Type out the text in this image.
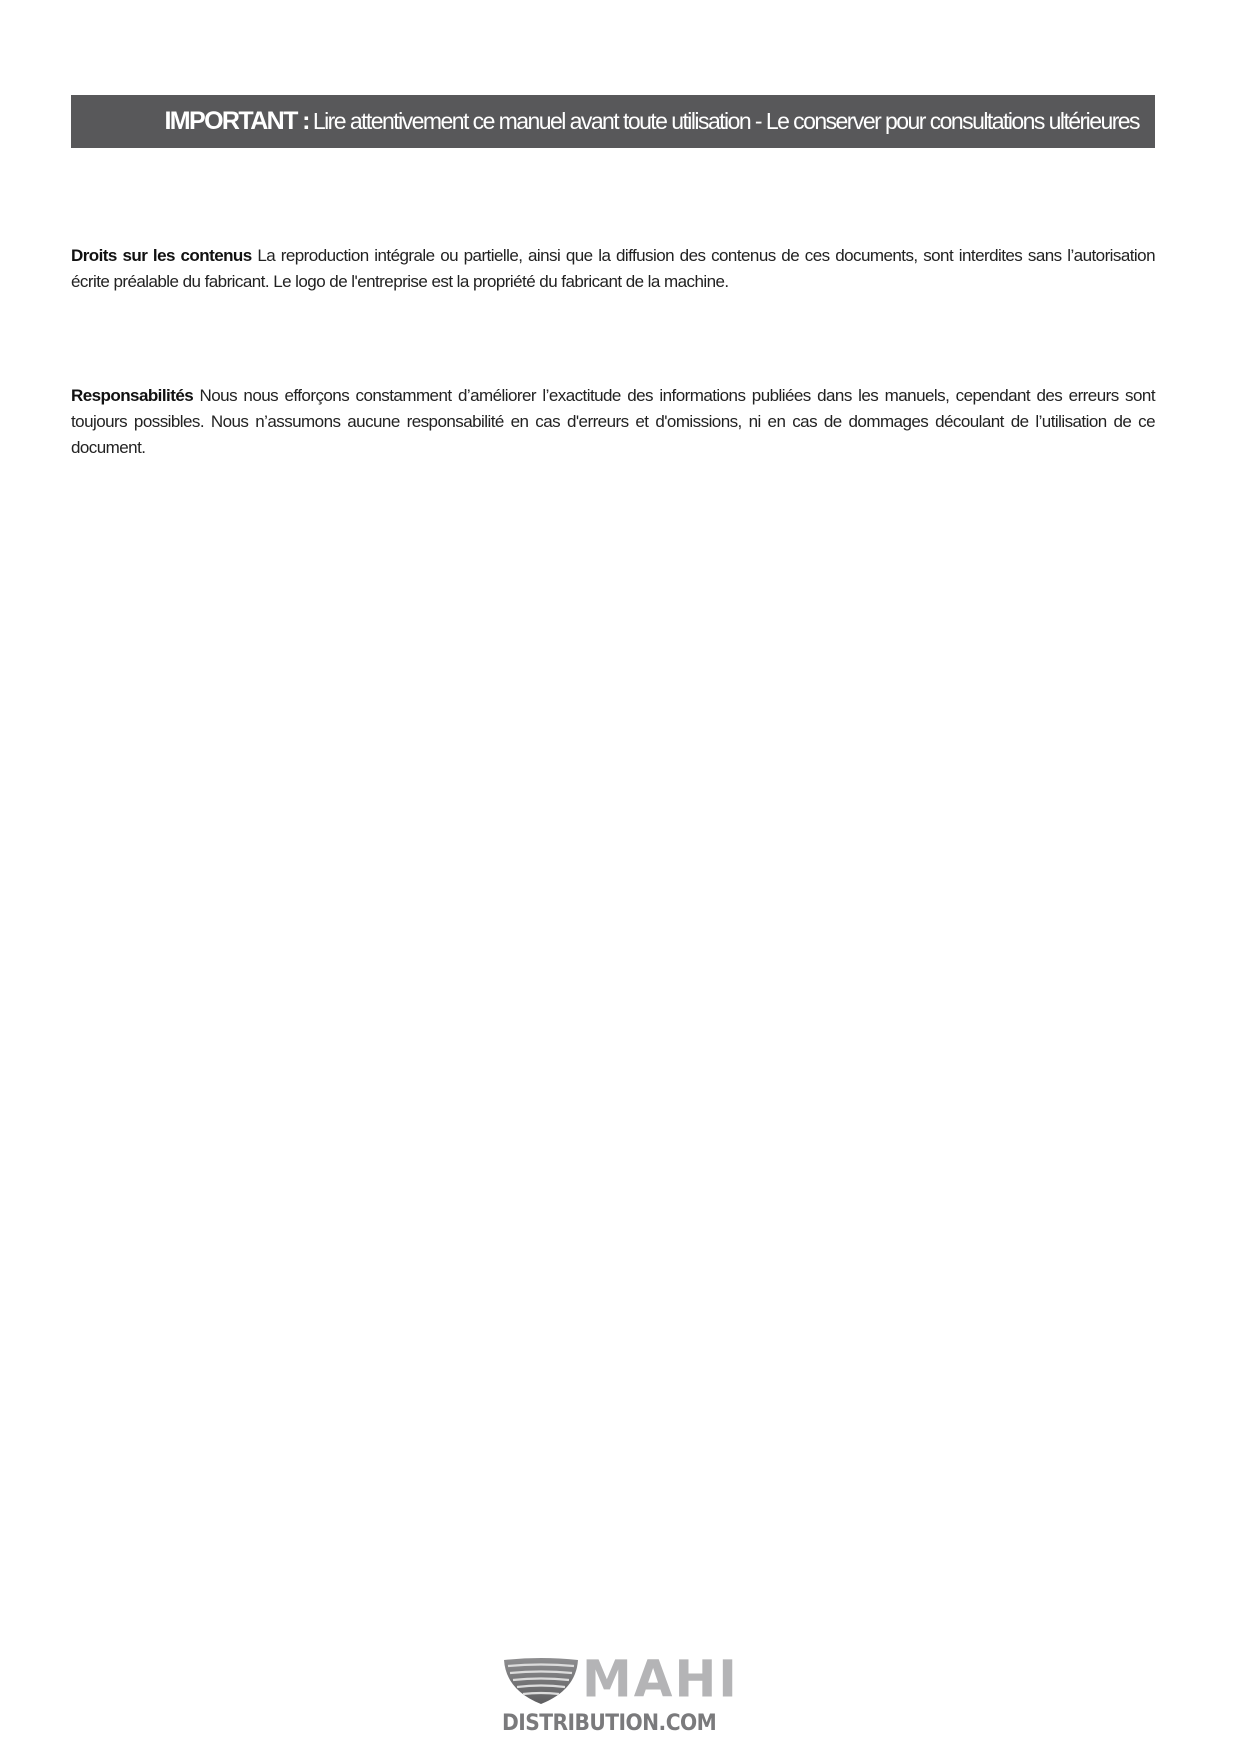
IMPORTANT : Lire attentivement ce manuel avant toute utilisation - Le conserver pour consultations ultérieures
Droits sur les contenus La reproduction intégrale ou partielle, ainsi que la diffusion des contenus de ces documents, sont interdites sans l’autorisation écrite préalable du fabricant. Le logo de l'entreprise est la propriété du fabricant de la machine.
Responsabilités Nous nous efforçons constamment d’améliorer l’exactitude des informations publiées dans les manuels, cependant des erreurs sont toujours possibles. Nous n’assumons aucune responsabilité en cas d'erreurs et d'omissions, ni en cas de dommages découlant de l’utilisation de ce document.
MAHI
DISTRIBUTION.COM
